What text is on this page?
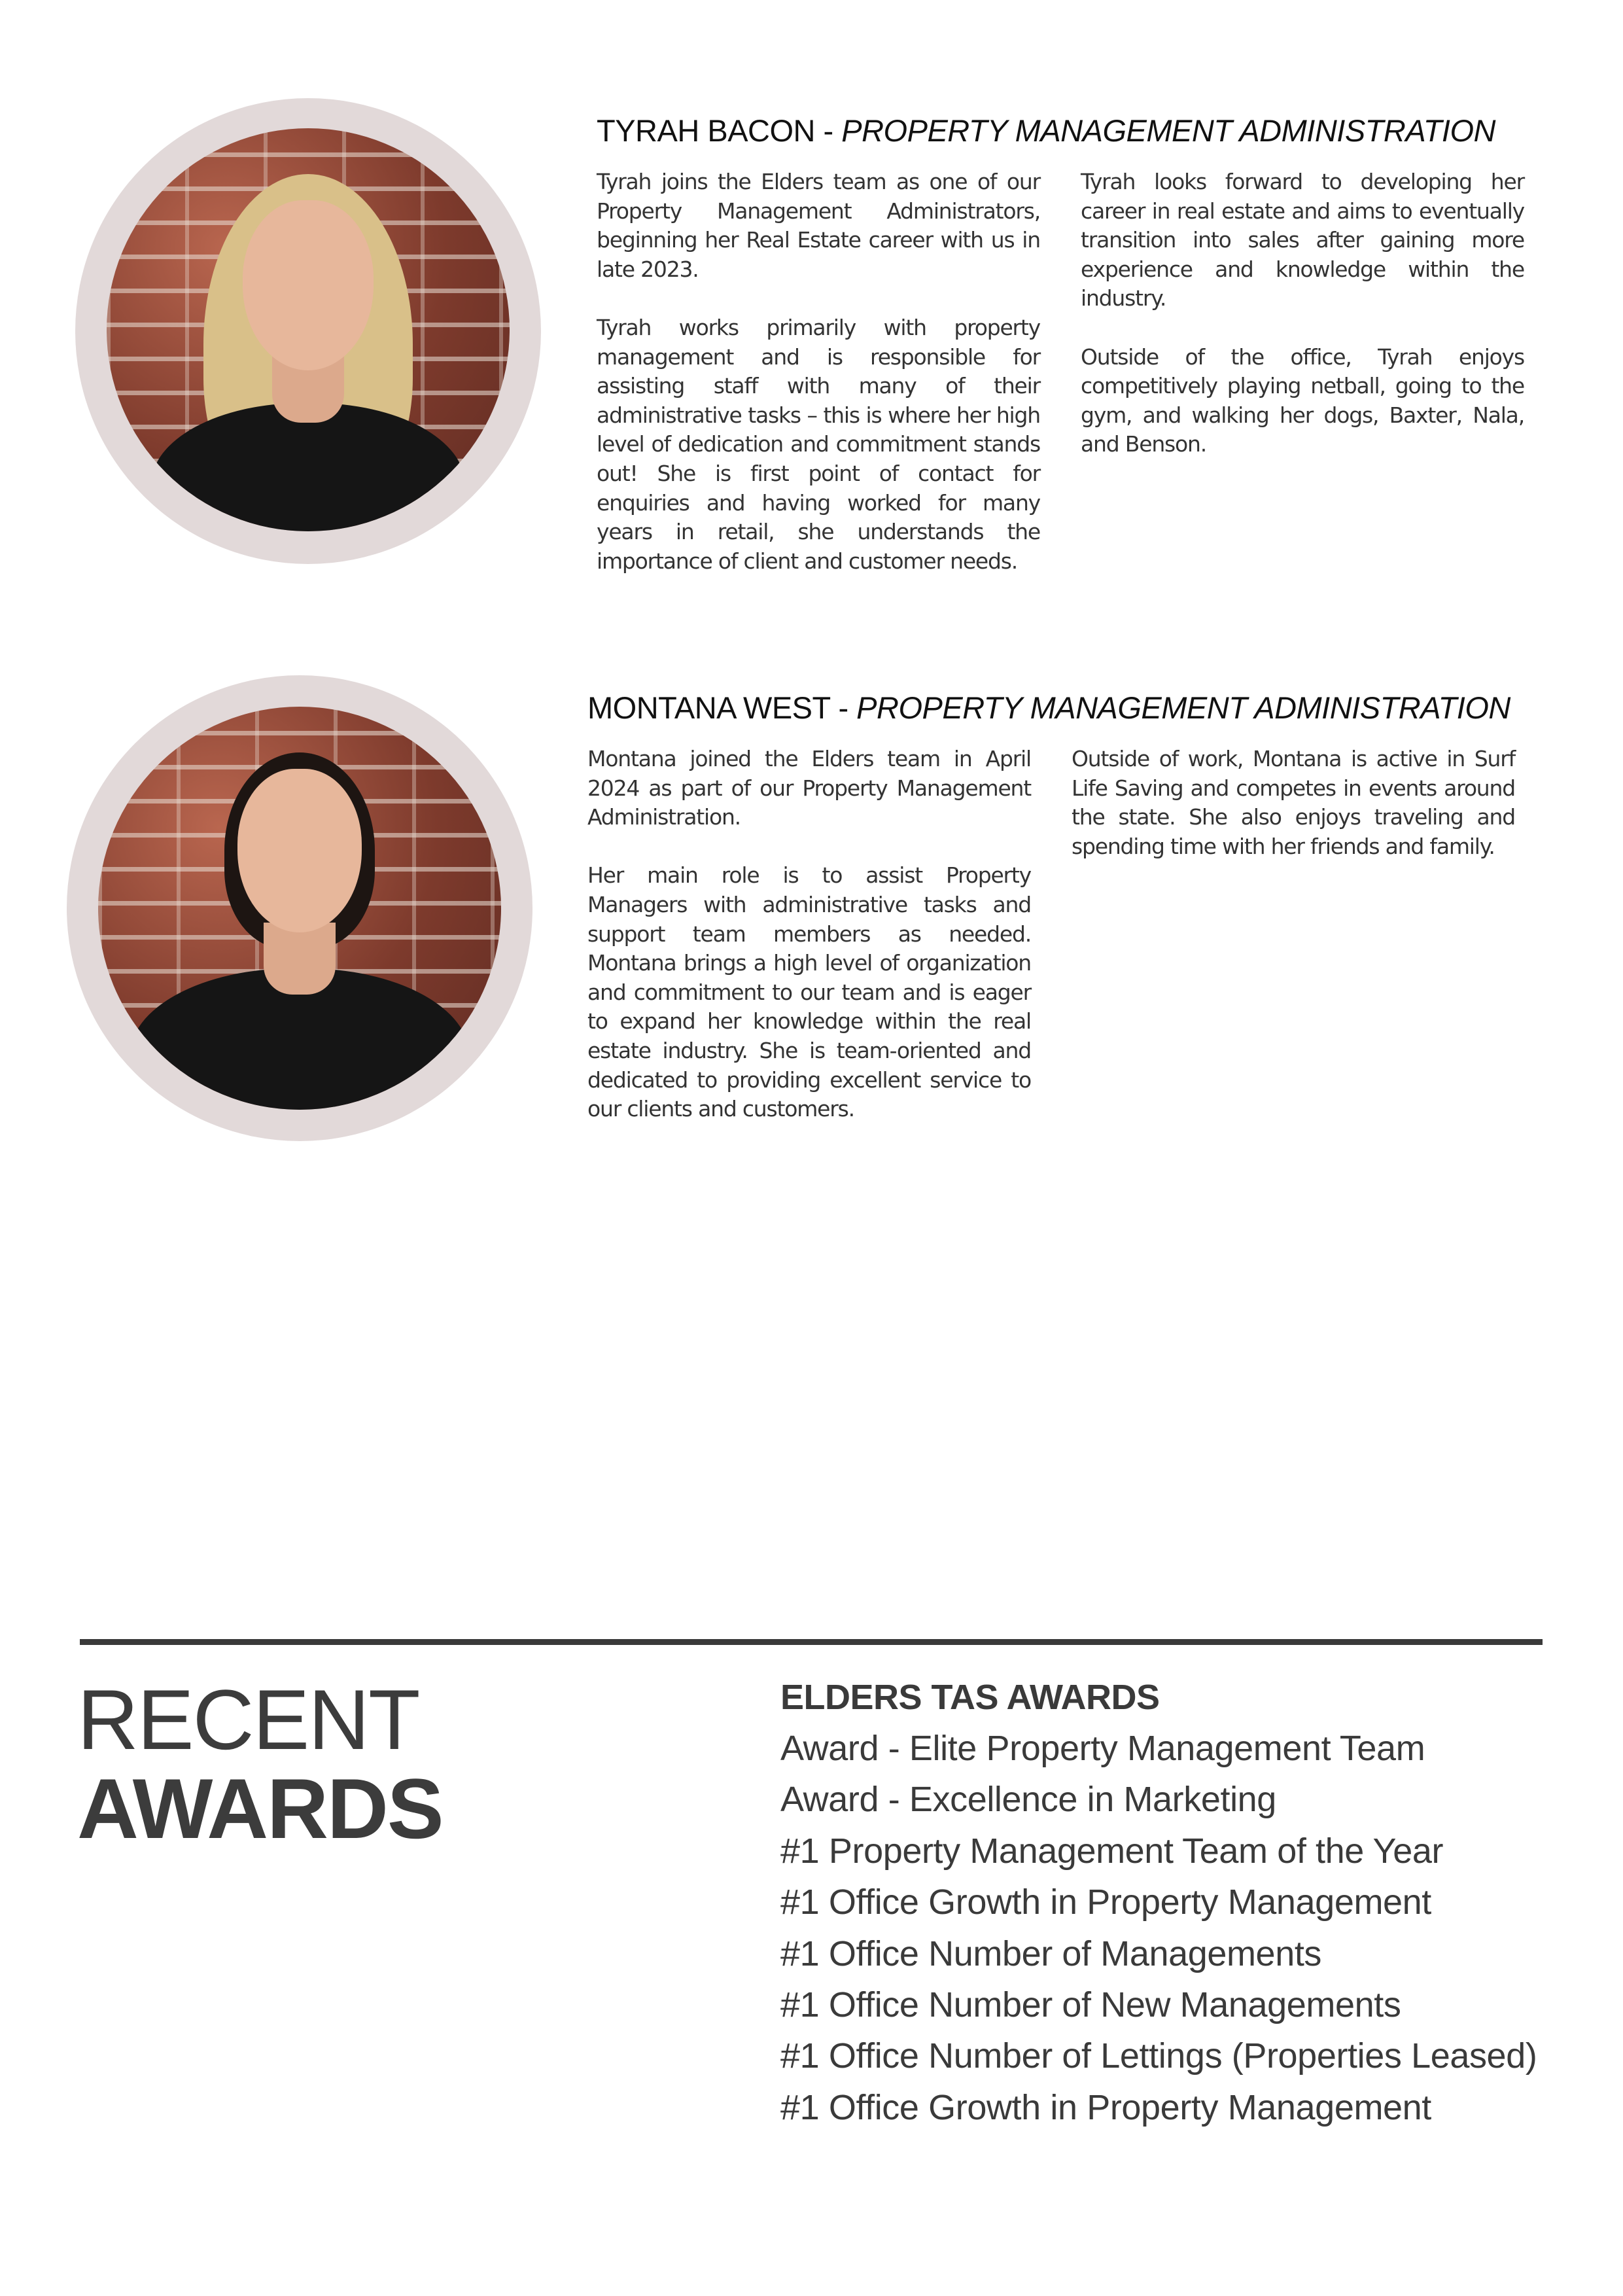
TYRAH BACON - PROPERTY MANAGEMENT ADMINISTRATION

Tyrah joins the Elders team as one of our Property Management Administrators, beginning her Real Estate career with us in late 2023.

Tyrah works primarily with property management and is responsible for assisting staff with many of their administrative tasks – this is where her high level of dedication and commitment stands out! She is first point of contact for enquiries and having worked for many years in retail, she understands the importance of client and customer needs.

Tyrah looks forward to developing her career in real estate and aims to eventually transition into sales after gaining more experience and knowledge within the industry.

Outside of the office, Tyrah enjoys competitively playing netball, going to the gym, and walking her dogs, Baxter, Nala, and Benson.

MONTANA WEST - PROPERTY MANAGEMENT ADMINISTRATION

Montana joined the Elders team in April 2024 as part of our Property Management Administration.

Her main role is to assist Property Managers with administrative tasks and support team members as needed. Montana brings a high level of organization and commitment to our team and is eager to expand her knowledge within the real estate industry. She is team-oriented and dedicated to providing excellent service to our clients and customers.

Outside of work, Montana is active in Surf Life Saving and competes in events around the state. She also enjoys traveling and spending time with her friends and family.

RECENT
AWARDS
ELDERS TAS AWARDS
Award - Elite Property Management Team
Award - Excellence in Marketing
#1 Property Management Team of the Year
#1 Office Growth in Property Management
#1 Office Number of Managements
#1 Office Number of New Managements
#1 Office Number of Lettings (Properties Leased)
#1 Office Growth in Property Management
